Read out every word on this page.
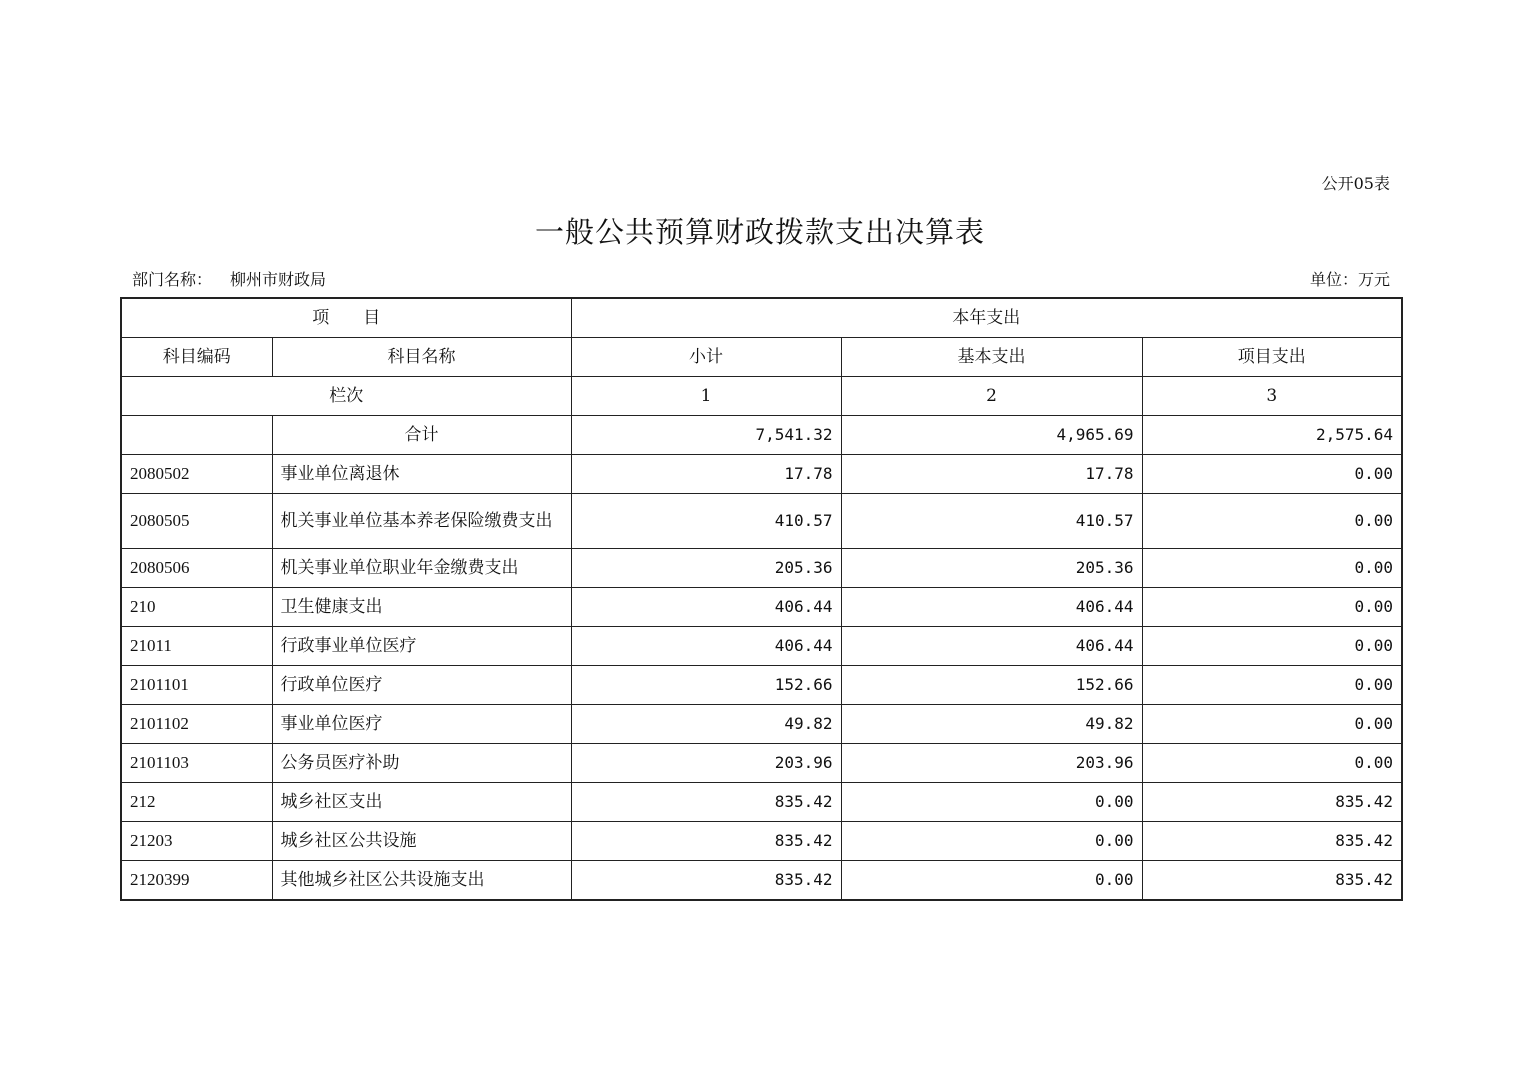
公开05表
一般公共预算财政拨款支出决算表
部门名称： 柳州市财政局	单位：万元
项　　目		本年支出		
科目编码	科目名称	小计	基本支出	项目支出
栏次		1	2	3
	合计	7,541.32	4,965.69	2,575.64
2080502	事业单位离退休	17.78	17.78	0.00
2080505	机关事业单位基本养老保险缴费支出	410.57	410.57	0.00
2080506	机关事业单位职业年金缴费支出	205.36	205.36	0.00
210	卫生健康支出	406.44	406.44	0.00
21011	行政事业单位医疗	406.44	406.44	0.00
2101101	行政单位医疗	152.66	152.66	0.00
2101102	事业单位医疗	49.82	49.82	0.00
2101103	公务员医疗补助	203.96	203.96	0.00
212	城乡社区支出	835.42	0.00	835.42
21203	城乡社区公共设施	835.42	0.00	835.42
2120399	其他城乡社区公共设施支出	835.42	0.00	835.42
